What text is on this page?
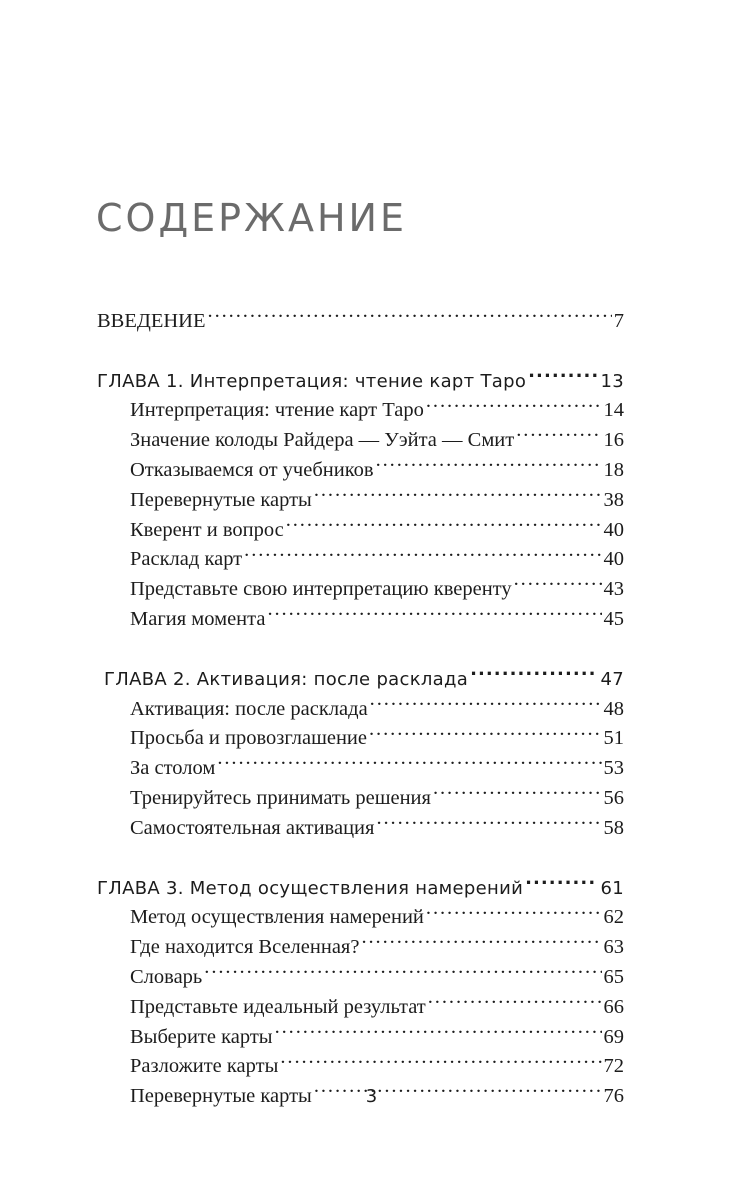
СОДЕРЖАНИЕ
ВВЕДЕНИЕ . . .	7
ГЛАВА 1. Интерпретация: чтение карт Таро . . .	13
Интерпретация: чтение карт Таро . . .	14
Значение колоды Райдера — Уэйта — Смит . . .	16
Отказываемся от учебников . . .	18
Перевернутые карты . . .	38
Кверент и вопрос . . .	40
Расклад карт . . .	40
Представьте свою интерпретацию кверенту . . .	43
Магия момента . . .	45
ГЛАВА 2. Активация: после расклада . . .	47
Активация: после расклада . . .	48
Просьба и провозглашение . . .	51
За столом . . .	53
Тренируйтесь принимать решения . . .	56
Самостоятельная активация . . .	58
ГЛАВА 3. Метод осуществления намерений . . .	61
Метод осуществления намерений . . .	62
Где находится Вселенная? . . .	63
Словарь . . .	65
Представьте идеальный результат . . .	66
Выберите карты . . .	69
Разложите карты . . .	72
Перевернутые карты . . .	76
3
